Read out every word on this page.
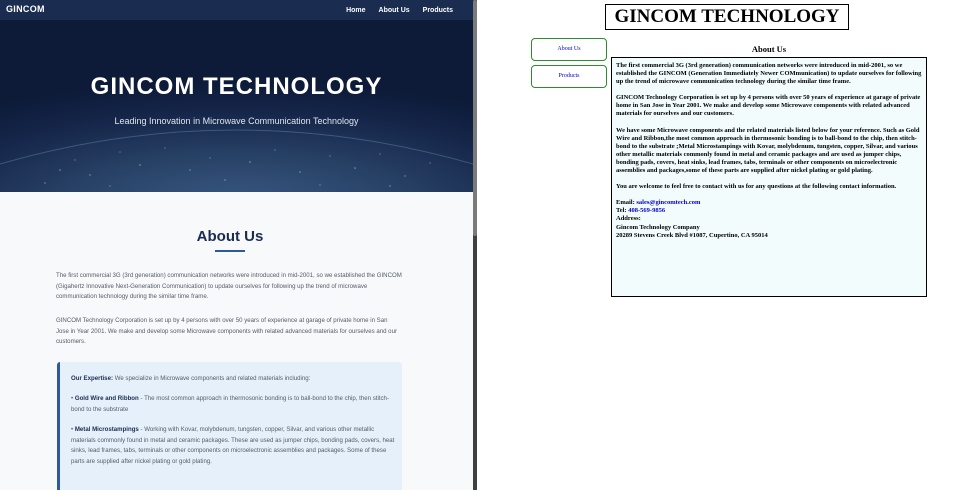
GINCOM	Home About Us Products
GINCOM TECHNOLOGY
Leading Innovation in Microwave Communication Technology
About Us

The first commercial 3G (3rd generation) communication networks were introduced in mid-2001, so we established the GINCOM (Gigahertz Innovative Next-Generation Communication) to update ourselves for following up the trend of microwave communication technology during the similar time frame.

GINCOM Technology Corporation is set up by 4 persons with over 50 years of experience at garage of private home in San Jose in Year 2001. We make and develop some Microwave components with related advanced materials for ourselves and our customers.

Our Expertise: We specialize in Microwave components and related materials including:

• Gold Wire and Ribbon - The most common approach in thermosonic bonding is to ball-bond to the chip, then stitch-bond to the substrate

• Metal Microstampings - Working with Kovar, molybdenum, tungsten, copper, Silvar, and various other metallic materials commonly found in metal and ceramic packages. These are used as jumper chips, bonding pads, covers, heat sinks, lead frames, tabs, terminals or other components on microelectronic assemblies and packages. Some of these parts are supplied after nickel plating or gold plating.

GINCOM TECHNOLOGY
About Us
Products
About Us

The first commercial 3G (3rd generation) communication networks were introduced in mid-2001, so we established the GINCOM (Generation Immediately Newer COMmunication) to update ourselves for following up the trend of microwave communication technology during the similar time frame.

GINCOM Technology Corporation is set up by 4 persons with over 50 years of experience at garage of private home in San Jose in Year 2001. We make and develop some Microwave components with related advanced materials for ourselves and our customers.

We have some Microwave components and the related materials listed below for your reference. Such as Gold Wire and Ribbon,the most common approach in thermosonic bonding is to ball-bond to the chip, then stitch-bond to the substrate ;Metal Microstampings with Kovar, molybdenum, tungsten, copper, Silvar, and various other metallic materials commonly found in metal and ceramic packages and are used as jumper chips, bonding pads, covers, heat sinks, lead frames, tabs, terminals or other components on microelectronic assemblies and packages,some of these parts are supplied after nickel plating or gold plating.

You are welcome to feel free to contact with us for any questions at the following contact information.

Email: sales@gincomtech.com
Tel: 408-569-9856
Address:
Gincom Technology Company
20289 Stevens Creek Blvd #1087, Cupertino, CA 95014
